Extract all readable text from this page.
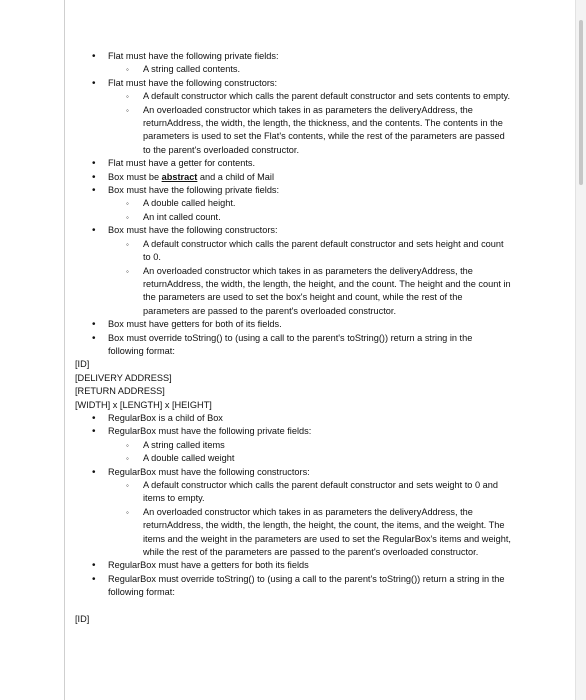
• Flat must have the following private fields:
◦ A string called contents.
• Flat must have the following constructors:
◦ A default constructor which calls the parent default constructor and sets contents to empty.
◦ An overloaded constructor which takes in as parameters the deliveryAddress, the returnAddress, the width, the length, the thickness, and the contents. The contents in the parameters is used to set the Flat's contents, while the rest of the parameters are passed to the parent's overloaded constructor.
• Flat must have a getter for contents.
• Box must be abstract and a child of Mail
• Box must have the following private fields:
◦ A double called height.
◦ An int called count.
• Box must have the following constructors:
◦ A default constructor which calls the parent default constructor and sets height and count to 0.
◦ An overloaded constructor which takes in as parameters the deliveryAddress, the returnAddress, the width, the length, the height, and the count. The height and the count in the parameters are used to set the box's height and count, while the rest of the parameters are passed to the parent's overloaded constructor.
• Box must have getters for both of its fields.
• Box must override toString() to (using a call to the parent's toString()) return a string in the following format:
[ID]
[DELIVERY ADDRESS]
[RETURN ADDRESS]
[WIDTH] x [LENGTH] x [HEIGHT]
• RegularBox is a child of Box
• RegularBox must have the following private fields:
◦ A string called items
◦ A double called weight
• RegularBox must have the following constructors:
◦ A default constructor which calls the parent default constructor and sets weight to 0 and items to empty.
◦ An overloaded constructor which takes in as parameters the deliveryAddress, the returnAddress, the width, the length, the height, the count, the items, and the weight. The items and the weight in the parameters are used to set the RegularBox's items and weight, while the rest of the parameters are passed to the parent's overloaded constructor.
• RegularBox must have a getters for both its fields
• RegularBox must override toString() to (using a call to the parent's toString()) return a string in the following format:
[ID]
